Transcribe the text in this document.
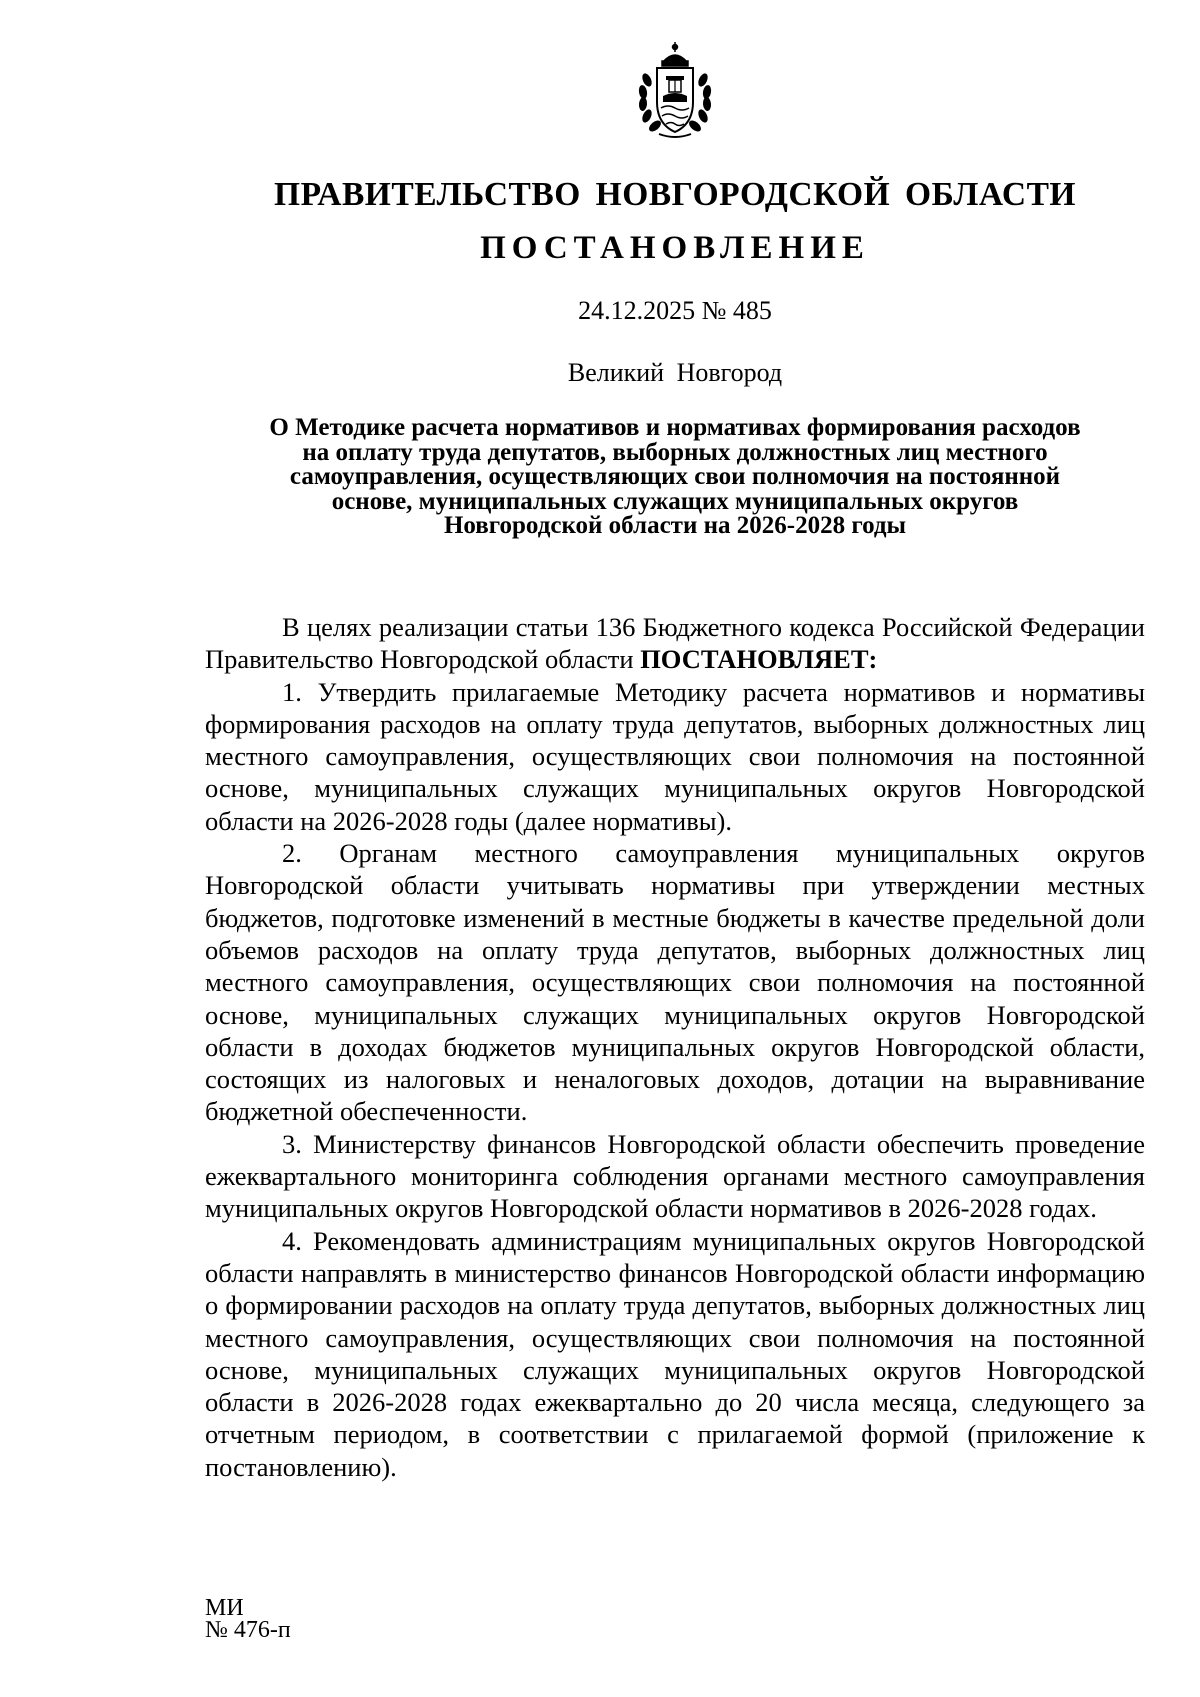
ПРАВИТЕЛЬСТВО НОВГОРОДСКОЙ ОБЛАСТИ
ПОСТАНОВЛЕНИЕ

24.12.2025 № 485

Великий Новгород

О Методике расчета нормативов и нормативах формирования расходов
на оплату труда депутатов, выборных должностных лиц местного
самоуправления, осуществляющих свои полномочия на постоянной
основе, муниципальных служащих муниципальных округов
Новгородской области на 2026-2028 годы

В целях реализации статьи 136 Бюджетного кодекса Российской Федерации Правительство Новгородской области ПОСТАНОВЛЯЕТ:

1. Утвердить прилагаемые Методику расчета нормативов и нормативы формирования расходов на оплату труда депутатов, выборных должностных лиц местного самоуправления, осуществляющих свои полномочия на постоянной основе, муниципальных служащих муниципальных округов Новгородской области на 2026-2028 годы (далее нормативы).

2. Органам местного самоуправления муниципальных округов Новгородской области учитывать нормативы при утверждении местных бюджетов, подготовке изменений в местные бюджеты в качестве предельной доли объемов расходов на оплату труда депутатов, выборных должностных лиц местного самоуправления, осуществляющих свои полномочия на постоянной основе, муниципальных служащих муниципальных округов Новгородской области в доходах бюджетов муниципальных округов Новгородской области, состоящих из налоговых и неналоговых доходов, дотации на выравнивание бюджетной обеспеченности.

3. Министерству финансов Новгородской области обеспечить проведение ежеквартального мониторинга соблюдения органами местного самоуправления муниципальных округов Новгородской области нормативов в 2026-2028 годах.

4. Рекомендовать администрациям муниципальных округов Новгородской области направлять в министерство финансов Новгородской области информацию о формировании расходов на оплату труда депутатов, выборных должностных лиц местного самоуправления, осуществляющих свои полномочия на постоянной основе, муниципальных служащих муниципальных округов Новгородской области в 2026-2028 годах ежеквартально до 20 числа месяца, следующего за отчетным периодом, в соответствии с прилагаемой формой (приложение к постановлению).

МИ
№ 476-п
